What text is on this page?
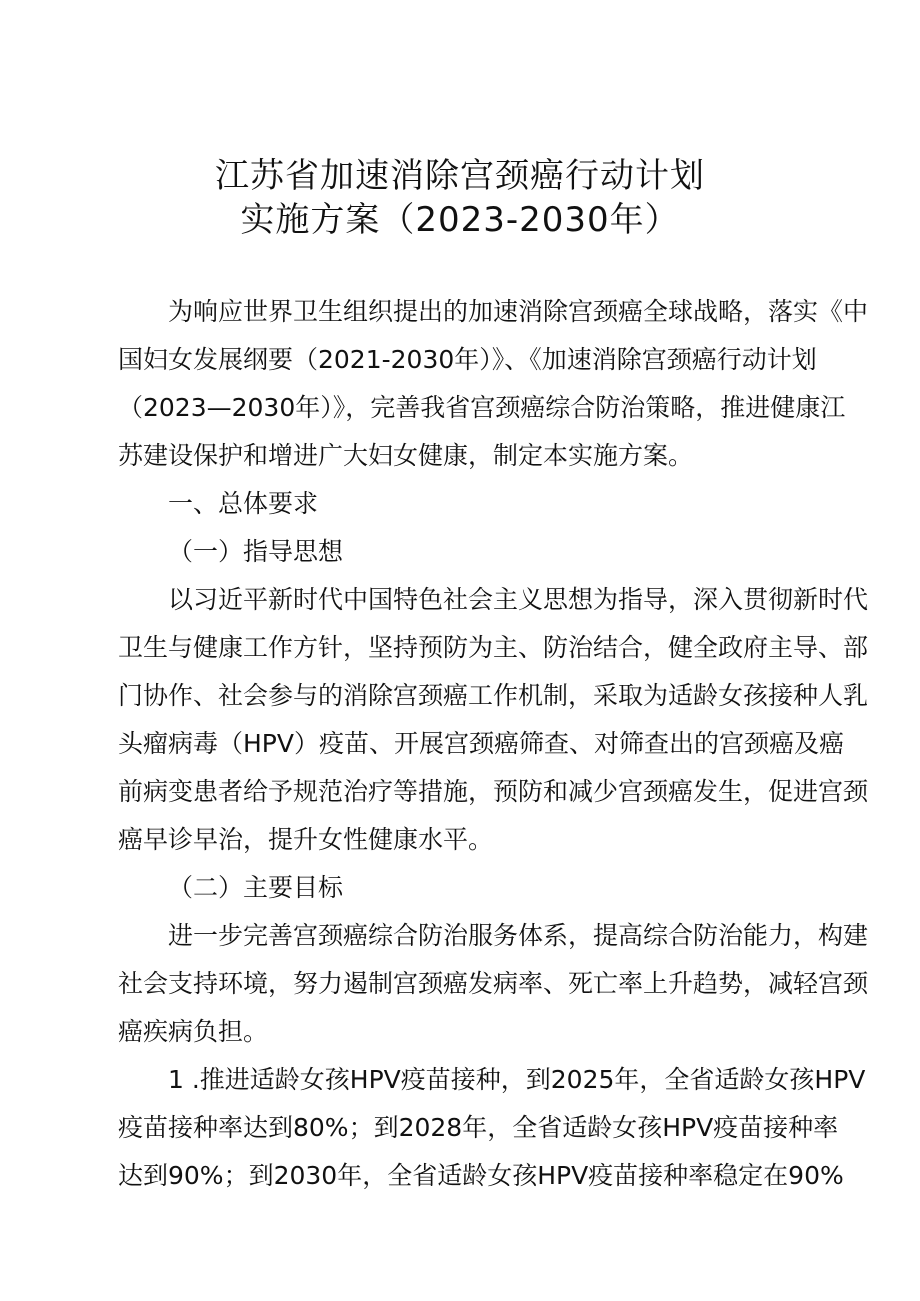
江苏省加速消除宫颈癌行动计划
实施方案（2023-2030年）
为响应世界卫生组织提出的加速消除宫颈癌全球战略，落实《中
国妇女发展纲要（2021-2030年）》、《加速消除宫颈癌行动计划
（2023—2030年）》，完善我省宫颈癌综合防治策略，推进健康江
苏建设保护和增进广大妇女健康，制定本实施方案。
一、总体要求
（一）指导思想
以习近平新时代中国特色社会主义思想为指导，深入贯彻新时代
卫生与健康工作方针，坚持预防为主、防治结合，健全政府主导、部
门协作、社会参与的消除宫颈癌工作机制，采取为适龄女孩接种人乳
头瘤病毒（HPV）疫苗、开展宫颈癌筛查、对筛查出的宫颈癌及癌
前病变患者给予规范治疗等措施，预防和减少宫颈癌发生，促进宫颈
癌早诊早治，提升女性健康水平。
（二）主要目标
进一步完善宫颈癌综合防治服务体系，提高综合防治能力，构建
社会支持环境，努力遏制宫颈癌发病率、死亡率上升趋势，减轻宫颈
癌疾病负担。
1 .推进适龄女孩HPV疫苗接种，到2025年，全省适龄女孩HPV
疫苗接种率达到80%；到2028年，全省适龄女孩HPV疫苗接种率
达到90%；到2030年，全省适龄女孩HPV疫苗接种率稳定在90%
